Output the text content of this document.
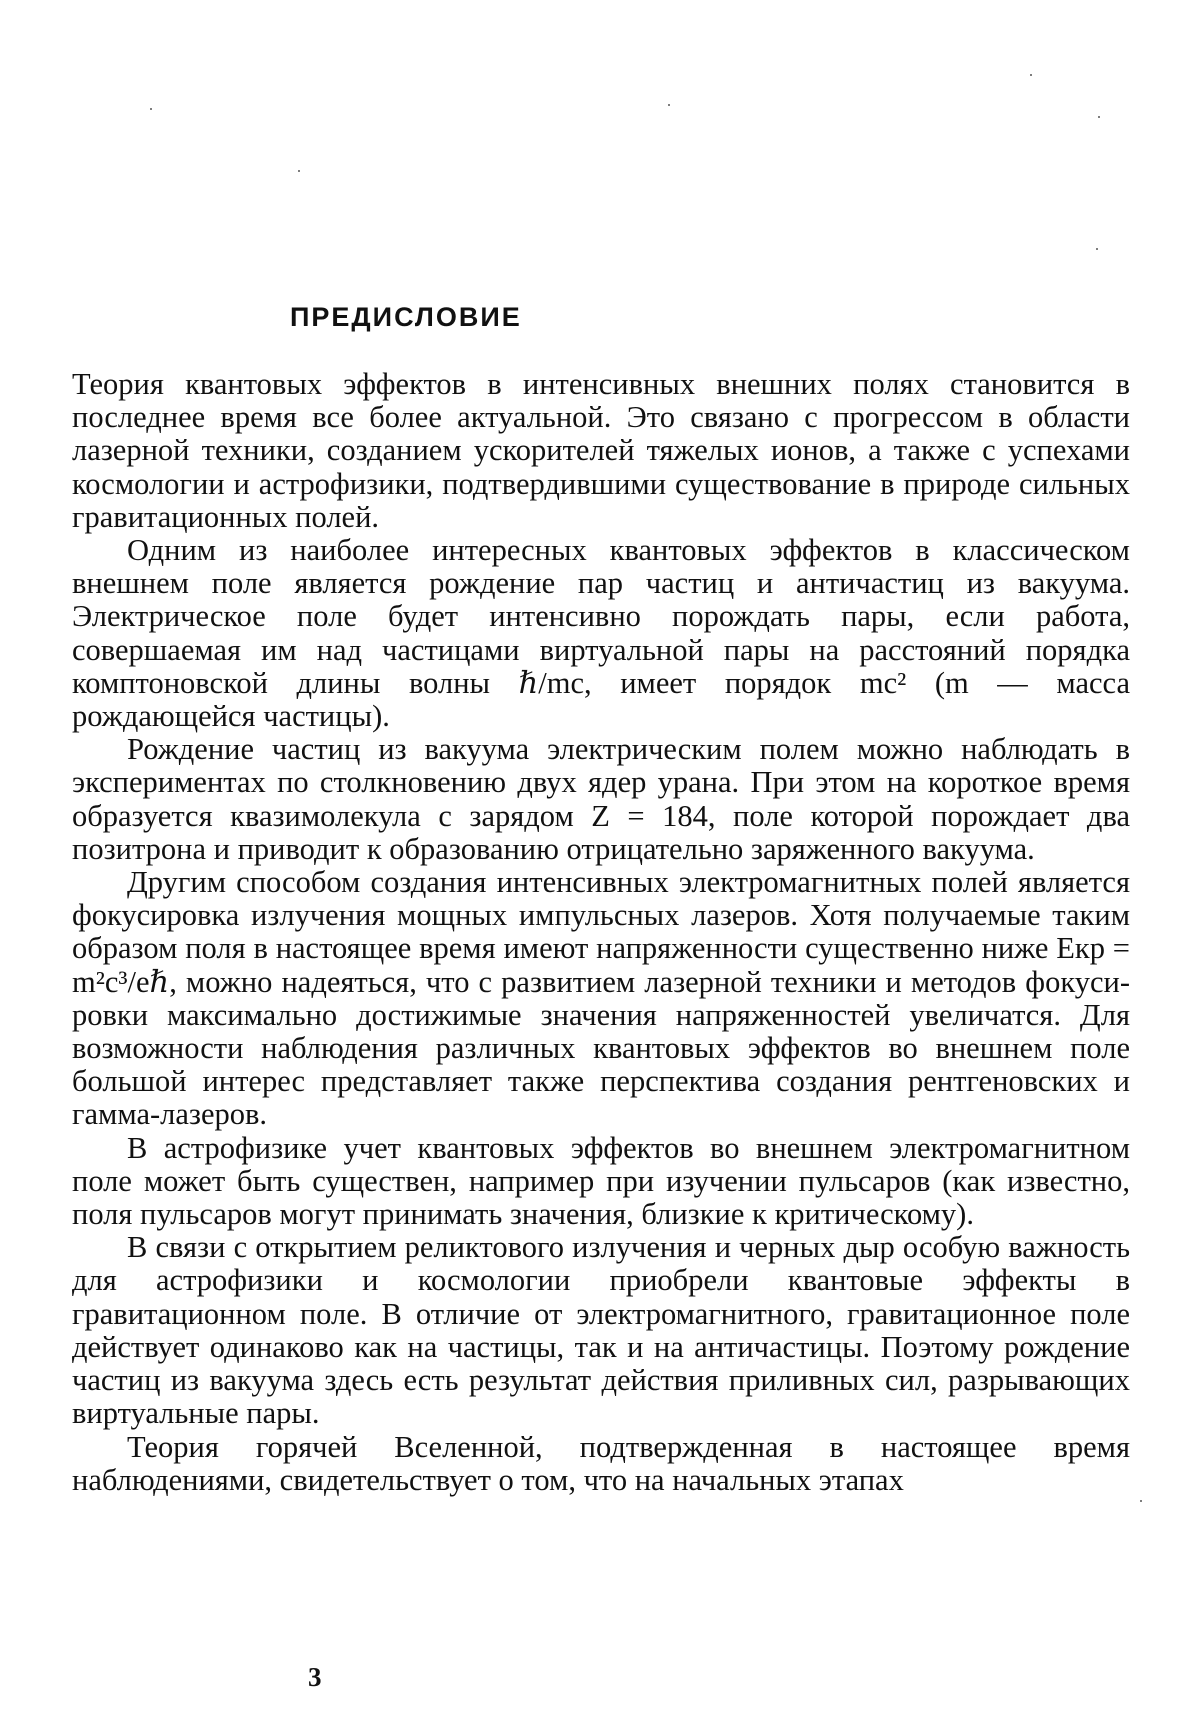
ПРЕДИСЛОВИЕ

Теория квантовых эффектов в интенсивных внешних полях становится в последнее время все более актуальной. Это связано с прогрессом в области лазерной техники, созданием ускорителей тяжелых ионов, а также с успехами космологии и астрофизики, подтвердившими существование в природе сильных гравитационных полей.

Одним из наиболее интересных квантовых эффектов в классическом внешнем поле является рождение пар частиц и античастиц из вакуума. Электрическое поле будет интенсивно порождать пары, если работа, совершаемая им над частицами виртуальной пары на расстояний порядка комптоновской длины волны ℏ/mc, имеет порядок mc² (m — масса рождающейся частицы).

Рождение частиц из вакуума электрическим полем можно наблюдать в экспериментах по столкновению двух ядер урана. При этом на короткое время образуется квазимолекула с зарядом Z = 184, поле которой порождает два позитрона и приводит к образованию отрицательно заряженного вакуума.

Другим способом создания интенсивных электромагнитных полей является фокусировка излучения мощных импульсных лазеров. Хотя получаемые таким образом поля в настоящее время имеют напряженности существенно ниже Eкр = m²c³/eℏ, можно надеяться, что с развитием лазерной техники и методов фокусировки максимально достижимые значения напряженностей увеличатся. Для возможности наблюдения различных квантовых эффектов во внешнем поле большой интерес представляет также перспектива создания рентгеновских и гамма-лазеров.

В астрофизике учет квантовых эффектов во внешнем электромагнитном поле может быть существен, например при изучении пульсаров (как известно, поля пульсаров могут принимать значения, близкие к критическому).

В связи с открытием реликтового излучения и черных дыр особую важность для астрофизики и космологии приобрели квантовые эффекты в гравитационном поле. В отличие от электромагнитного, гравитационное поле действует одинаково как на частицы, так и на античастицы. Поэтому рождение частиц из вакуума здесь есть результат действия приливных сил, разрывающих виртуальные пары.

Теория горячей Вселенной, подтвержденная в настоящее время наблюдениями, свидетельствует о том, что на начальных этапах

3
